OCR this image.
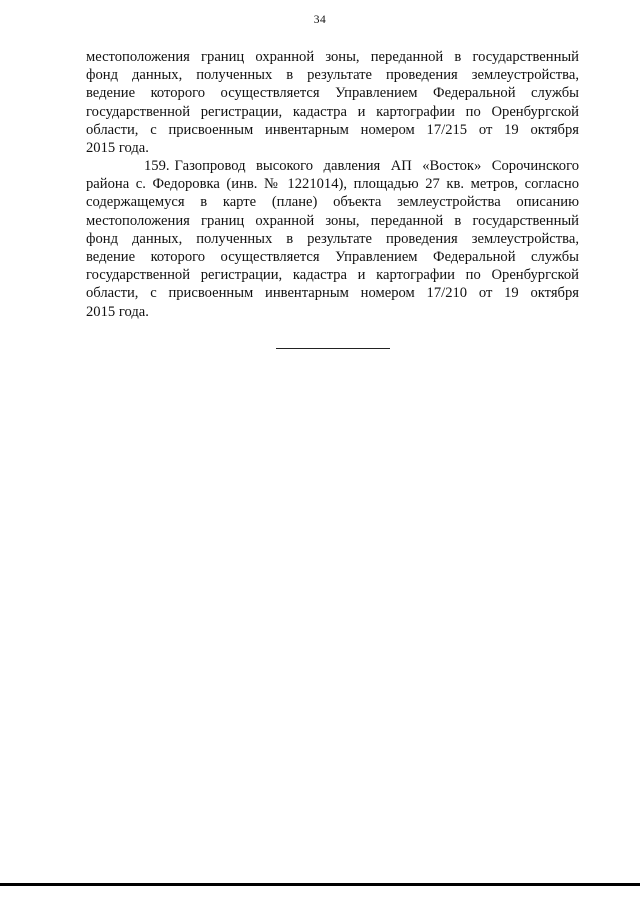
34
местоположения границ охранной зоны, переданной в государственный
фонд данных, полученных в результате проведения землеустройства,
ведение которого осуществляется Управлением Федеральной службы
государственной регистрации, кадастра и картографии по Оренбургской
области, с присвоенным инвентарным номером 17/215 от 19 октября
2015 года.
159. Газопровод высокого давления АП «Восток» Сорочинского
района с. Федоровка (инв. № 1221014), площадью 27 кв. метров, согласно
содержащемуся в карте (плане) объекта землеустройства описанию
местоположения границ охранной зоны, переданной в государственный
фонд данных, полученных в результате проведения землеустройства,
ведение которого осуществляется Управлением Федеральной службы
государственной регистрации, кадастра и картографии по Оренбургской
области, с присвоенным инвентарным номером 17/210 от 19 октября
2015 года.
